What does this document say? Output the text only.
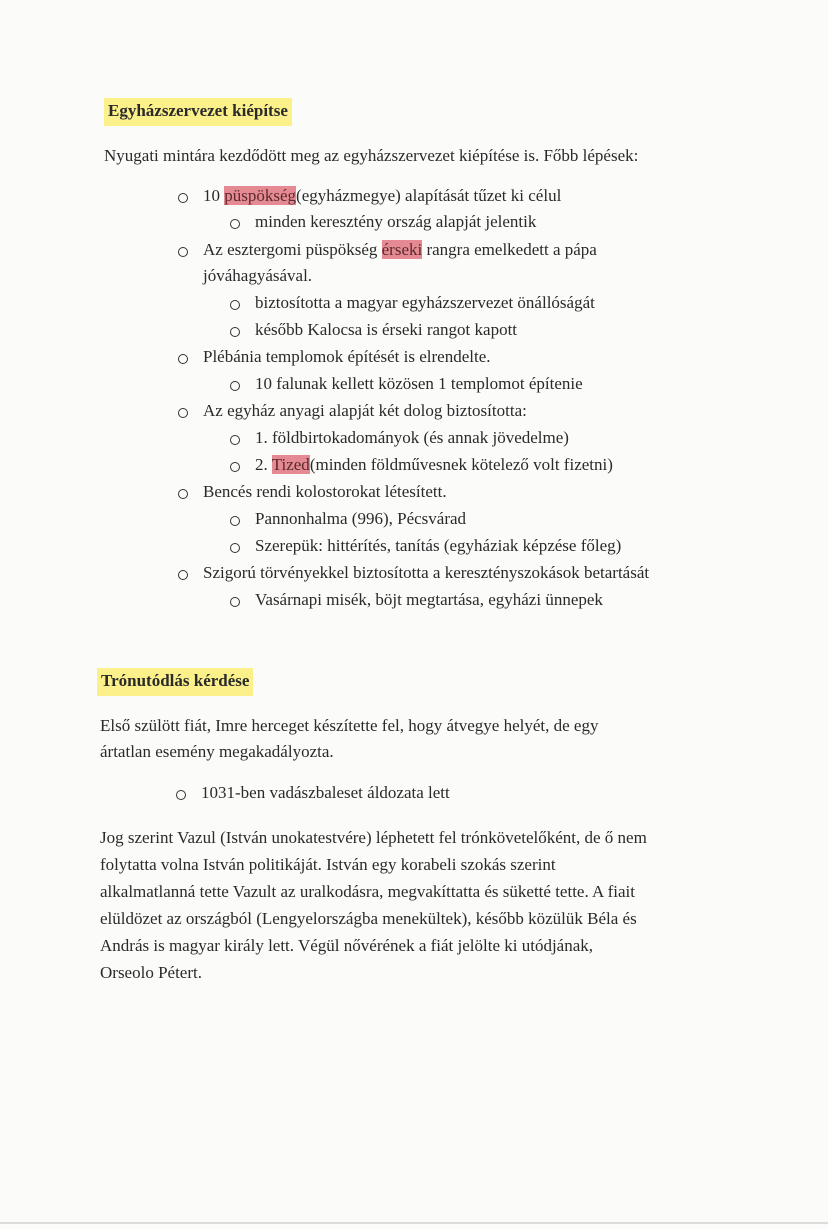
Egyházszervezet kiépítse
Nyugati mintára kezdődött meg az egyházszervezet kiépítése is. Főbb lépések:
10 püspökség(egyházmegye) alapítását tűzet ki célul
minden keresztény ország alapját jelentik
Az esztergomi püspökség érseki rangra emelkedett a pápa
jóváhagyásával.
biztosította a magyar egyházszervezet önállóságát
később Kalocsa is érseki rangot kapott
Plébánia templomok építését is elrendelte.
10 falunak kellett közösen 1 templomot építenie
Az egyház anyagi alapját két dolog biztosította:
1. földbirtokadományok (és annak jövedelme)
2. Tized(minden földművesnek kötelező volt fizetni)
Bencés rendi kolostorokat létesített.
Pannonhalma (996), Pécsvárad
Szerepük: hittérítés, tanítás (egyháziak képzése főleg)
Szigorú törvényekkel biztosította a keresztényszokások betartását
Vasárnapi misék, böjt megtartása, egyházi ünnepek
Trónutódlás kérdése
Első szülött fiát, Imre herceget készítette fel, hogy átvegye helyét, de egy
ártatlan esemény megakadályozta.
1031-ben vadászbaleset áldozata lett
Jog szerint Vazul (István unokatestvére) léphetett fel trónkövetelőként, de ő nem
folytatta volna István politikáját. István egy korabeli szokás szerint
alkalmatlanná tette Vazult az uralkodásra, megvakíttatta és süketté tette. A fiait
elüldözet az országból (Lengyelországba menekültek), később közülük Béla és
András is magyar király lett. Végül nővérének a fiát jelölte ki utódjának,
Orseolo Pétert.
